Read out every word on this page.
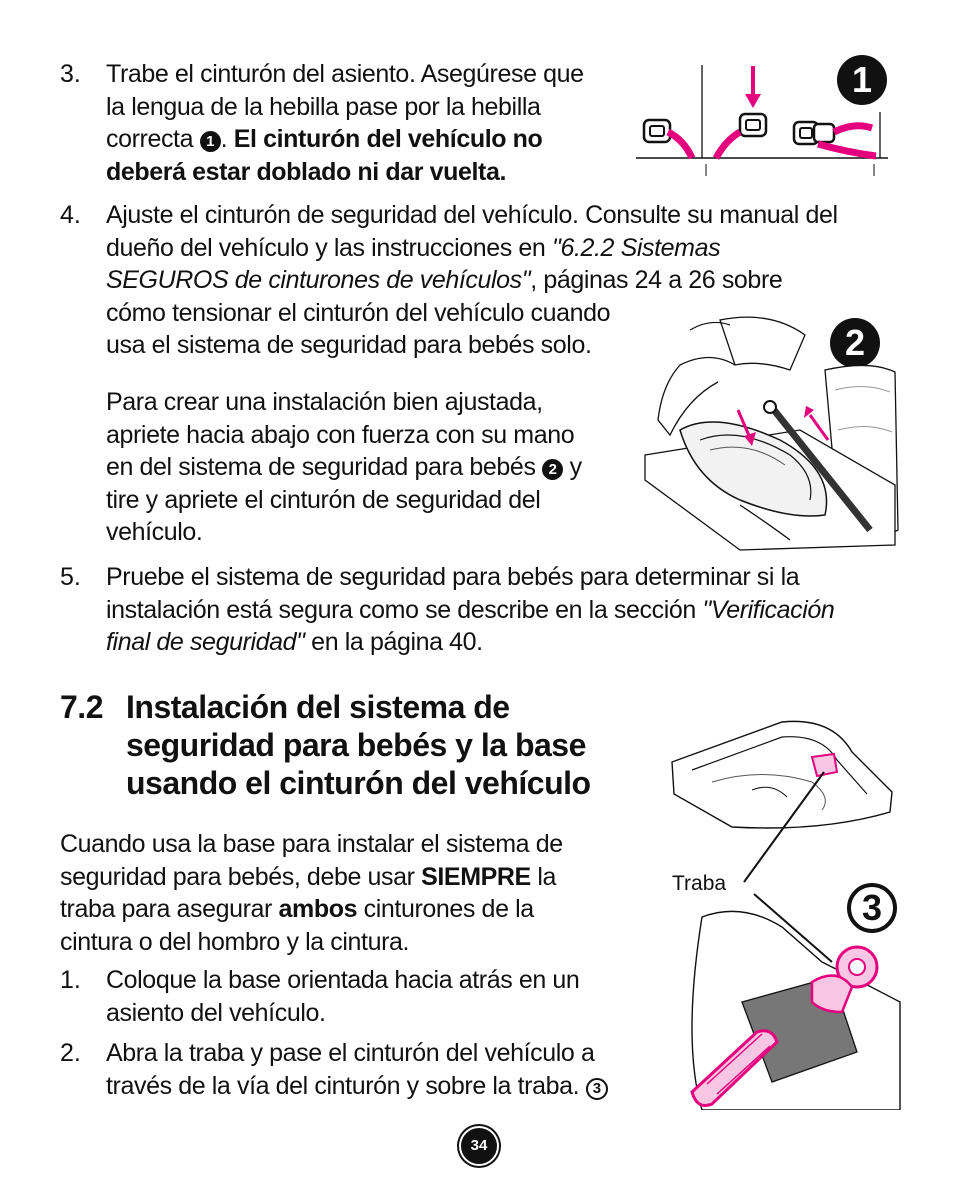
3. Trabe el cinturón del asiento. Asegúrese que
la lengua de la hebilla pase por la hebilla
correcta 1 . El cinturón del vehículo no
deberá estar doblado ni dar vuelta.
1
4. Ajuste el cinturón de seguridad del vehículo. Consulte su manual del
dueño del vehículo y las instrucciones en "6.2.2 Sistemas
SEGUROS de cinturones de vehículos", páginas 24 a 26 sobre
cómo tensionar el cinturón del vehículo cuando
usa el sistema de seguridad para bebés solo.
Para crear una instalación bien ajustada,
apriete hacia abajo con fuerza con su mano
en del sistema de seguridad para bebés 2 y
tire y apriete el cinturón de seguridad del
vehículo.
2
5. Pruebe el sistema de seguridad para bebés para determinar si la
instalación está segura como se describe en la sección "Verificación
final de seguridad" en la página 40.
7.2 Instalación del sistema de
seguridad para bebés y la base
usando el cinturón del vehículo
Cuando usa la base para instalar el sistema de
seguridad para bebés, debe usar SIEMPRE la
traba para asegurar ambos cinturones de la
cintura o del hombro y la cintura.
1. Coloque la base orientada hacia atrás en un
asiento del vehículo.
2. Abra la traba y pase el cinturón del vehículo a
través de la vía del cinturón y sobre la traba. 3
Traba
3
34
